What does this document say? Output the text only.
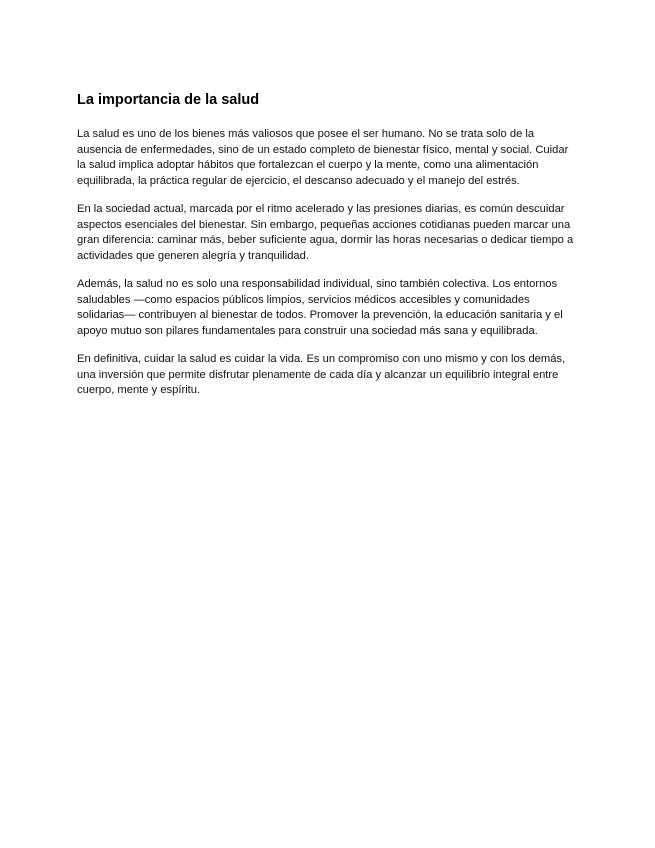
La importancia de la salud

La salud es uno de los bienes más valiosos que posee el ser humano. No se trata solo de la ausencia de enfermedades, sino de un estado completo de bienestar físico, mental y social. Cuidar la salud implica adoptar hábitos que fortalezcan el cuerpo y la mente, como una alimentación equilibrada, la práctica regular de ejercicio, el descanso adecuado y el manejo del estrés.

En la sociedad actual, marcada por el ritmo acelerado y las presiones diarias, es común descuidar aspectos esenciales del bienestar. Sin embargo, pequeñas acciones cotidianas pueden marcar una gran diferencia: caminar más, beber suficiente agua, dormir las horas necesarias o dedicar tiempo a actividades que generen alegría y tranquilidad.

Además, la salud no es solo una responsabilidad individual, sino también colectiva. Los entornos saludables —como espacios públicos limpios, servicios médicos accesibles y comunidades solidarias— contribuyen al bienestar de todos. Promover la prevención, la educación sanitaria y el apoyo mutuo son pilares fundamentales para construir una sociedad más sana y equilibrada.

En definitiva, cuidar la salud es cuidar la vida. Es un compromiso con uno mismo y con los demás, una inversión que permite disfrutar plenamente de cada día y alcanzar un equilibrio integral entre cuerpo, mente y espíritu.
